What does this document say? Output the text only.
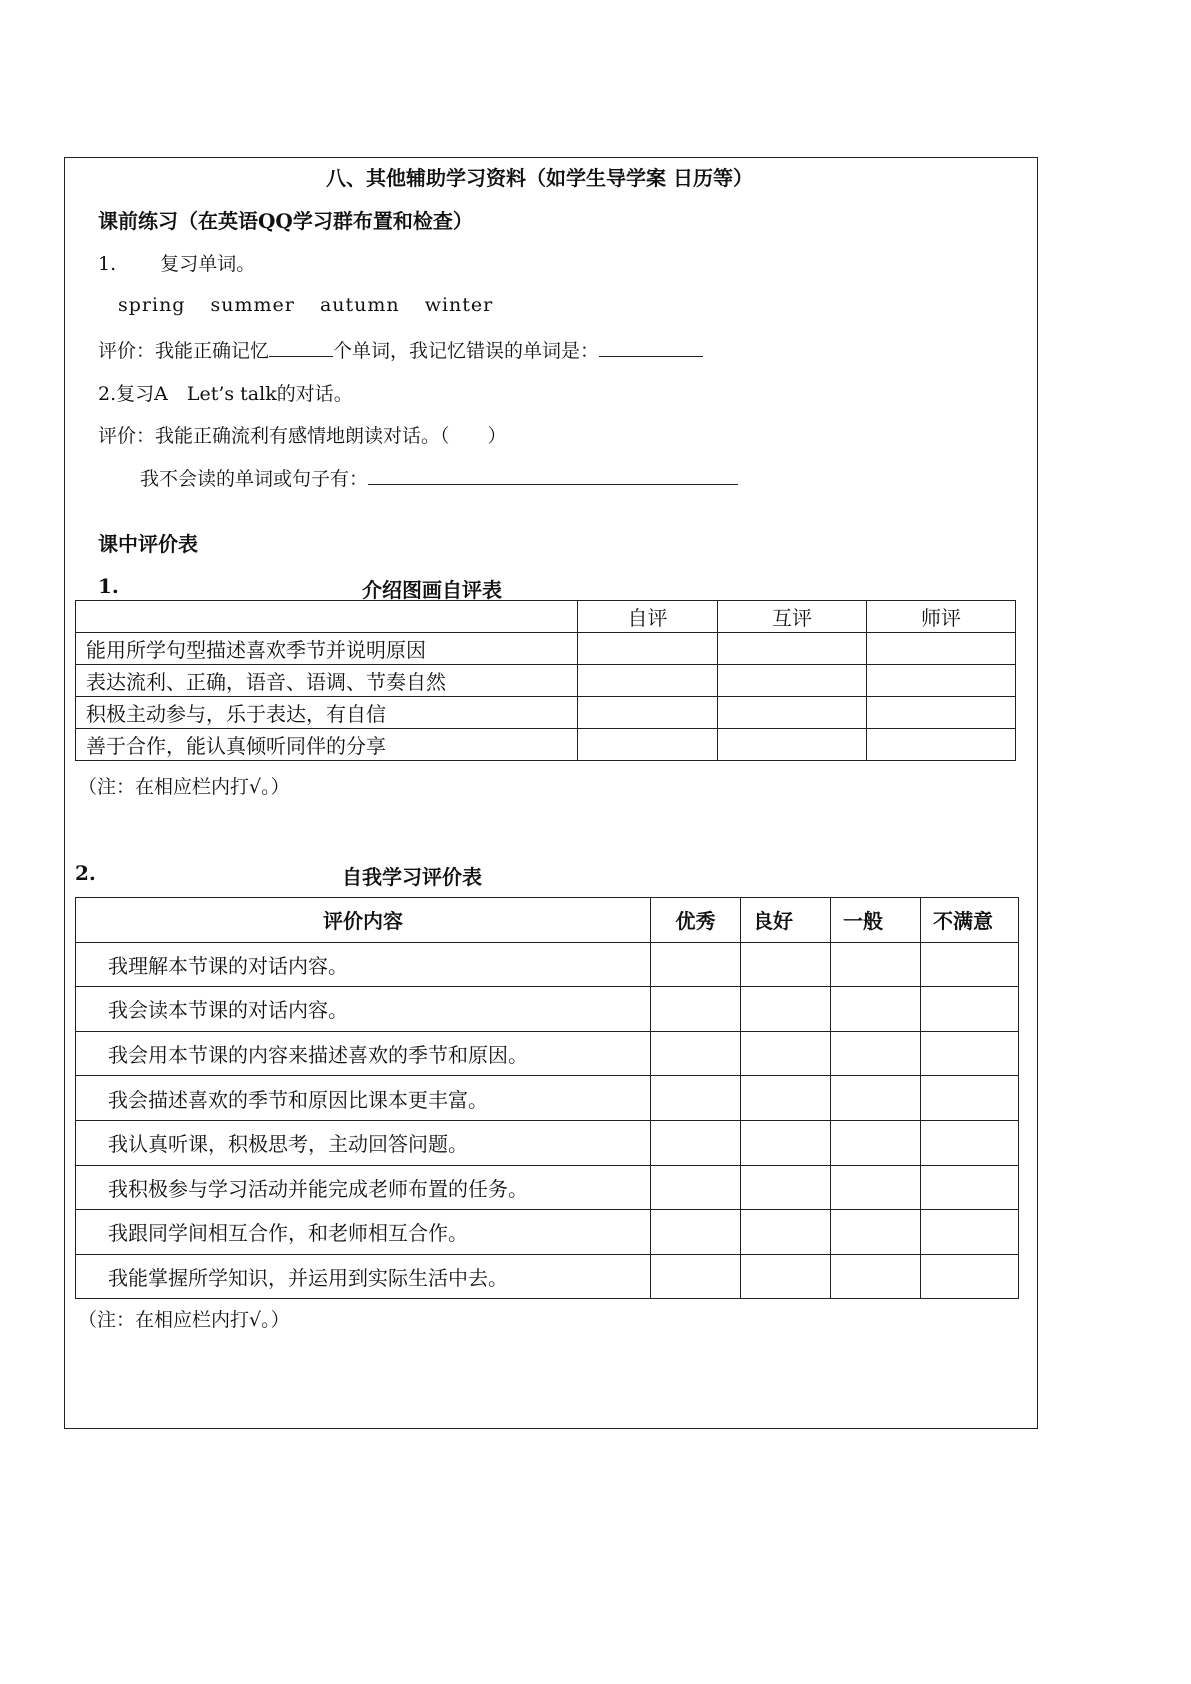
八、其他辅助学习资料（如学生导学案 日历等）
课前练习（在英语QQ学习群布置和检查）
1. 复习单词。
spring summer autumn winter
评价：我能正确记忆	个单词，我记忆错误的单词是：
2.复习A　Let’s talk的对话。
评价：我能正确流利有感情地朗读对话。（　　）
我不会读的单词或句子有：
课中评价表
1.	介绍图画自评表
	自评	互评	师评
能用所学句型描述喜欢季节并说明原因			
表达流利、正确，语音、语调、节奏自然			
积极主动参与，乐于表达，有自信			
善于合作，能认真倾听同伴的分享			
（注：在相应栏内打√。）
2.	自我学习评价表
评价内容	优秀	良好	一般	不满意
我理解本节课的对话内容。				
我会读本节课的对话内容。				
我会用本节课的内容来描述喜欢的季节和原因。				
我会描述喜欢的季节和原因比课本更丰富。				
我认真听课，积极思考，主动回答问题。				
我积极参与学习活动并能完成老师布置的任务。				
我跟同学间相互合作，和老师相互合作。				
我能掌握所学知识，并运用到实际生活中去。				
（注：在相应栏内打√。）
